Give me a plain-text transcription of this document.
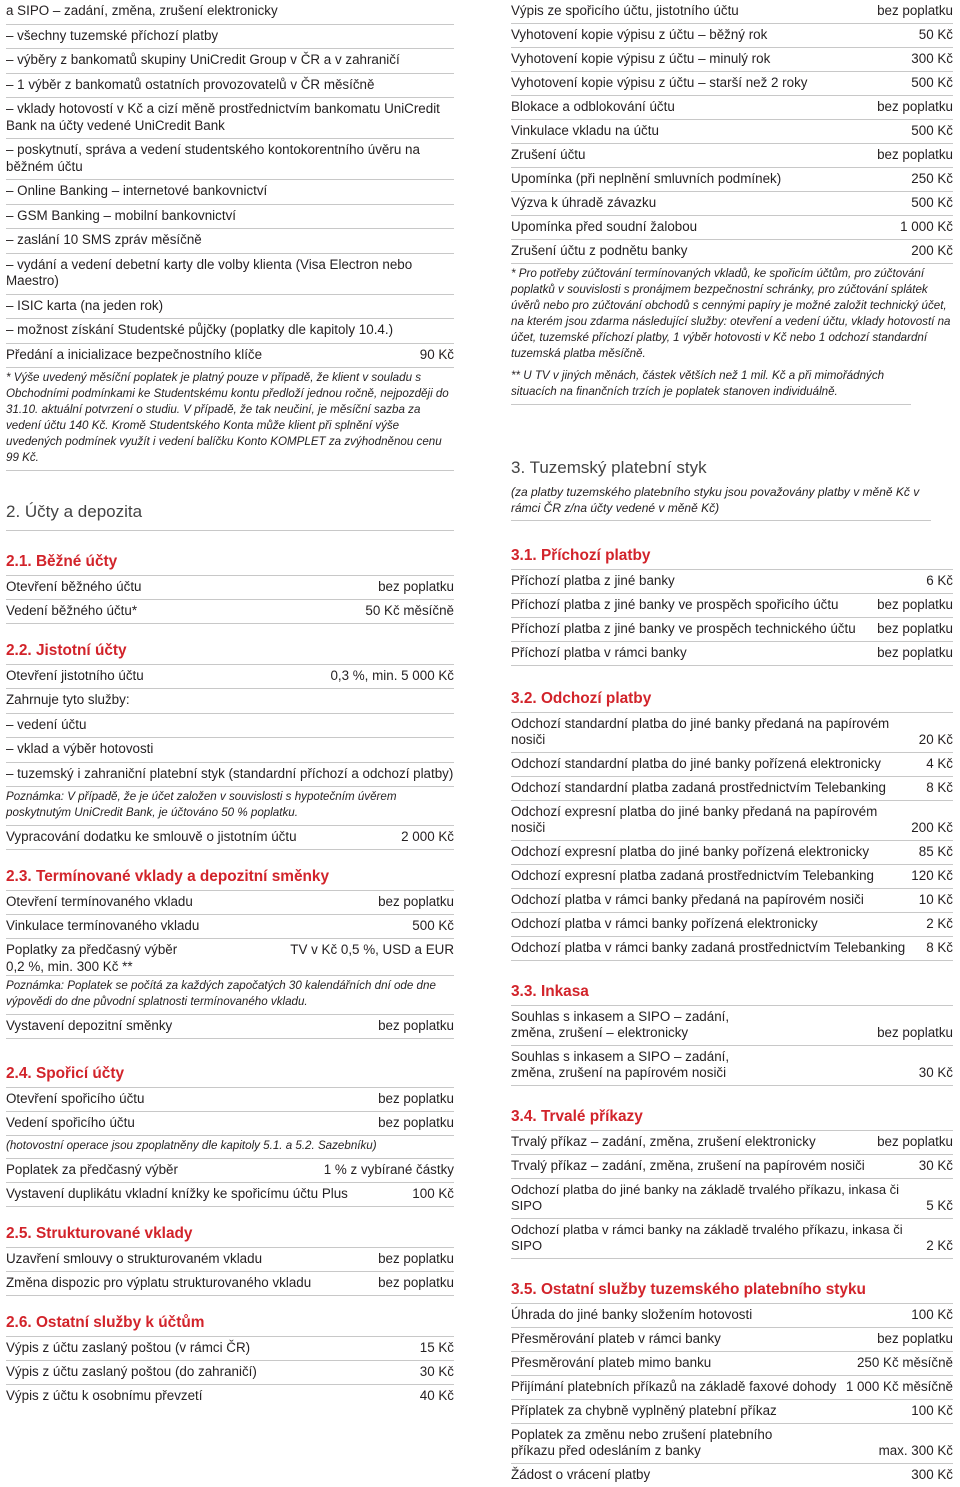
a SIPO – zadání, změna, zrušení elektronicky
– všechny tuzemské příchozí platby
– výběry z bankomatů skupiny UniCredit Group v ČR a v zahraničí
– 1 výběr z bankomatů ostatních provozovatelů v ČR měsíčně
– vklady hotovostí v Kč a cizí měně prostřednictvím bankomatu UniCredit Bank na účty vedené UniCredit Bank
– poskytnutí, správa a vedení studentského kontokorentního úvěru na běžném účtu
– Online Banking – internetové bankovnictví
– GSM Banking – mobilní bankovnictví
– zaslání 10 SMS zpráv měsíčně
– vydání a vedení debetní karty dle volby klienta (Visa Electron nebo Maestro)
– ISIC karta (na jeden rok)
– možnost získání Studentské půjčky (poplatky dle kapitoly 10.4.)
Předání a inicializace bezpečnostního klíče	90 Kč
* Výše uvedený měsíční poplatek je platný pouze v případě, že klient v souladu s Obchodními podmínkami ke Studentskému kontu předloží jednou ročně, nejpozději do 31.10. aktuální potvrzení o studiu. V případě, že tak neučiní, je měsíční sazba za vedení účtu 140 Kč. Kromě Studentského Konta může klient při splnění výše uvedených podmínek využít i vedení balíčku Konto KOMPLET za zvýhodněnou cenu 99 Kč.
2. Účty a depozita
2.1. Běžné účty
Otevření běžného účtu	bez poplatku
Vedení běžného účtu*	50 Kč měsíčně
2.2. Jistotní účty
Otevření jistotního účtu	0,3 %, min. 5 000 Kč
Zahrnuje tyto služby:
– vedení účtu
– vklad a výběr hotovosti
– tuzemský i zahraniční platební styk (standardní příchozí a odchozí platby)
Poznámka: V případě, že je účet založen v souvislosti s hypotečním úvěrem poskytnutým UniCredit Bank, je účtováno 50 % poplatku.
Vypracování dodatku ke smlouvě o jistotním účtu	2 000 Kč
2.3. Termínované vklady a depozitní směnky
Otevření termínovaného vkladu	bez poplatku
Vinkulace termínovaného vkladu	500 Kč
Poplatky za předčasný výběr	TV v Kč 0,5 %, USD a EUR
0,2 %, min. 300 Kč **
Poznámka: Poplatek se počítá za každých započatých 30 kalendářních dní ode dne výpovědi do dne původní splatnosti termínovaného vkladu.
Vystavení depozitní směnky	bez poplatku
2.4. Spořicí účty
Otevření spořicího účtu	bez poplatku
Vedení spořicího účtu	bez poplatku
(hotovostní operace jsou zpoplatněny dle kapitoly 5.1. a 5.2. Sazebníku)
Poplatek za předčasný výběr	1 % z vybírané částky
Vystavení duplikátu vkladní knížky ke spořicímu účtu Plus	100 Kč
2.5. Strukturované vklady
Uzavření smlouvy o strukturovaném vkladu	bez poplatku
Změna dispozic pro výplatu strukturovaného vkladu	bez poplatku
2.6. Ostatní služby k účtům
Výpis z účtu zaslaný poštou (v rámci ČR)	15 Kč
Výpis z účtu zaslaný poštou (do zahraničí)	30 Kč
Výpis z účtu k osobnímu převzetí	40 Kč
Výpis ze spořicího účtu, jistotního účtu	bez poplatku
Vyhotovení kopie výpisu z účtu – běžný rok	50 Kč
Vyhotovení kopie výpisu z účtu – minulý rok	300 Kč
Vyhotovení kopie výpisu z účtu – starší než 2 roky	500 Kč
Blokace a odblokování účtu	bez poplatku
Vinkulace vkladu na účtu	500 Kč
Zrušení účtu	bez poplatku
Upomínka (při neplnění smluvních podmínek)	250 Kč
Výzva k úhradě závazku	500 Kč
Upomínka před soudní žalobou	1 000 Kč
Zrušení účtu z podnětu banky	200 Kč
* Pro potřeby zúčtování termínovaných vkladů, ke spořicím účtům, pro zúčtování poplatků v souvislosti s pronájmem bezpečnostní schránky, pro zúčtování splátek úvěrů nebo pro zúčtování obchodů s cennými papíry je možné založit technický účet, na kterém jsou zdarma následující služby: otevření a vedení účtu, vklady hotovostí na účet, tuzemské příchozí platby, 1 výběr hotovosti v Kč nebo 1 odchozí standardní tuzemská platba měsíčně.
** U TV v jiných měnách, částek větších než 1 mil. Kč a při mimořádných situacích na finančních trzích je poplatek stanoven individuálně.
3. Tuzemský platební styk
(za platby tuzemského platebního styku jsou považovány platby v měně Kč v rámci ČR z/na účty vedené v měně Kč)
3.1. Příchozí platby
Příchozí platba z jiné banky	6 Kč
Příchozí platba z jiné banky ve prospěch spořicího účtu	bez poplatku
Příchozí platba z jiné banky ve prospěch technického účtu	bez poplatku
Příchozí platba v rámci banky	bez poplatku
3.2. Odchozí platby
Odchozí standardní platba do jiné banky předaná na papírovém nosiči	20 Kč
Odchozí standardní platba do jiné banky pořízená elektronicky	4 Kč
Odchozí standardní platba zadaná prostřednictvím Telebanking	8 Kč
Odchozí expresní platba do jiné banky předaná na papírovém nosiči	200 Kč
Odchozí expresní platba do jiné banky pořízená elektronicky	85 Kč
Odchozí expresní platba zadaná prostřednictvím Telebanking	120 Kč
Odchozí platba v rámci banky předaná na papírovém nosiči	10 Kč
Odchozí platba v rámci banky pořízená elektronicky	2 Kč
Odchozí platba v rámci banky zadaná prostřednictvím Telebanking	8 Kč
3.3. Inkasa
Souhlas s inkasem a SIPO – zadání, změna, zrušení – elektronicky	bez poplatku
Souhlas s inkasem a SIPO – zadání, změna, zrušení na papírovém nosiči	30 Kč
3.4. Trvalé příkazy
Trvalý příkaz – zadání, změna, zrušení elektronicky	bez poplatku
Trvalý příkaz – zadání, změna, zrušení na papírovém nosiči	30 Kč
Odchozí platba do jiné banky na základě trvalého příkazu, inkasa či SIPO	5 Kč
Odchozí platba v rámci banky na základě trvalého příkazu, inkasa či SIPO	2 Kč
3.5. Ostatní služby tuzemského platebního styku
Úhrada do jiné banky složením hotovosti	100 Kč
Přesměrování plateb v rámci banky	bez poplatku
Přesměrování plateb mimo banku	250 Kč měsíčně
Přijímání platebních příkazů na základě faxové dohody 1 000 Kč měsíčně
Příplatek za chybně vyplněný platební příkaz	100 Kč
Poplatek za změnu nebo zrušení platebního příkazu před odesláním z banky	max. 300 Kč
Žádost o vrácení platby	300 Kč
